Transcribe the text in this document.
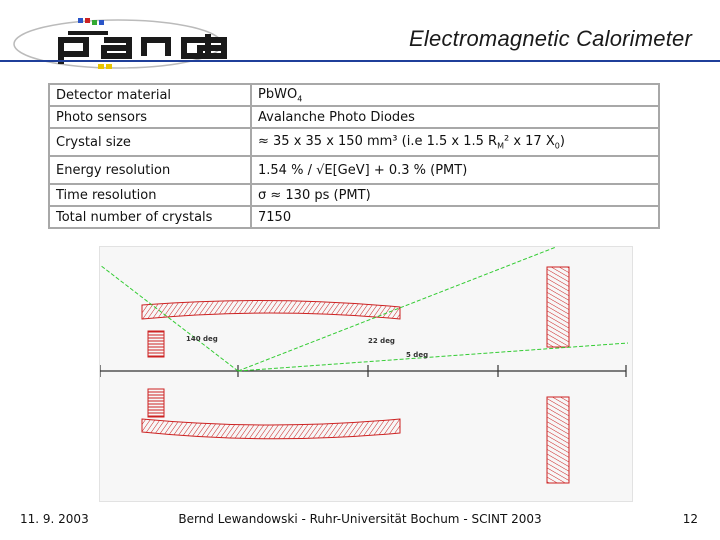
panda
Electromagnetic Calorimeter
Detector material	PbWO$_4$
Photo sensors	Avalanche Photo Diodes
Crystal size	≈ 35 x 35 x 150 mm³ (i.e 1.5 x 1.5 $R_M^2$ x 17 $X_0$)
Energy resolution	1.54 % / √E[GeV] + 0.3 % (PMT)
Time resolution	σ ≈ 130 ps (PMT)
Total number of crystals	7150
140 deg	22 deg
5 deg
11. 9. 2003	Bernd Lewandowski - Ruhr-Universität Bochum - SCINT 2003	12
